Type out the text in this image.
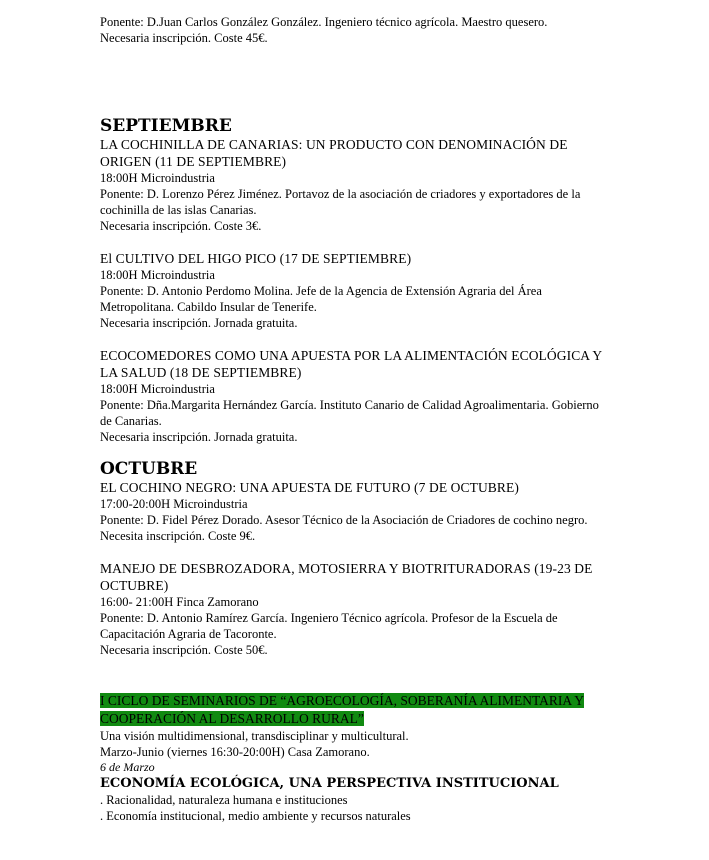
Ponente: D.Juan Carlos González González. Ingeniero técnico agrícola. Maestro quesero.

Necesaria inscripción. Coste 45€.

SEPTIEMBRE

LA COCHINILLA DE CANARIAS: UN PRODUCTO CON DENOMINACIÓN DE ORIGEN (11 DE SEPTIEMBRE)

18:00H Microindustria

Ponente: D. Lorenzo Pérez Jiménez. Portavoz de la asociación de criadores y exportadores de la cochinilla de las islas Canarias.

Necesaria inscripción. Coste 3€.

El CULTIVO DEL HIGO PICO (17 DE SEPTIEMBRE)

18:00H Microindustria

Ponente: D. Antonio Perdomo Molina. Jefe de la Agencia de Extensión Agraria del Área Metropolitana. Cabildo Insular de Tenerife.

Necesaria inscripción. Jornada gratuita.

ECOCOMEDORES COMO UNA APUESTA POR LA ALIMENTACIÓN ECOLÓGICA Y LA SALUD (18 DE SEPTIEMBRE)

18:00H Microindustria

Ponente: Dña.Margarita Hernández García. Instituto Canario de Calidad Agroalimentaria. Gobierno de Canarias.

Necesaria inscripción. Jornada gratuita.

OCTUBRE

EL COCHINO NEGRO: UNA APUESTA DE FUTURO (7 DE OCTUBRE)

17:00-20:00H Microindustria

Ponente: D. Fidel Pérez Dorado. Asesor Técnico de la Asociación de Criadores de cochino negro.

Necesita inscripción. Coste 9€.

MANEJO DE DESBROZADORA, MOTOSIERRA Y BIOTRITURADORAS (19-23 DE OCTUBRE)

16:00- 21:00H Finca Zamorano

Ponente: D. Antonio Ramírez García. Ingeniero Técnico agrícola. Profesor de la Escuela de Capacitación Agraria de Tacoronte.

Necesaria inscripción. Coste 50€.

I CICLO DE SEMINARIOS DE “AGROECOLOGÍA, SOBERANÍA ALIMENTARIA Y COOPERACIÓN AL DESARROLLO RURAL”

Una visión multidimensional, transdisciplinar y multicultural.

Marzo-Junio (viernes 16:30-20:00H) Casa Zamorano.

6 de Marzo

ECONOMÍA ECOLÓGICA, UNA PERSPECTIVA INSTITUCIONAL

. Racionalidad, naturaleza humana e instituciones

. Economía institucional, medio ambiente y recursos naturales
